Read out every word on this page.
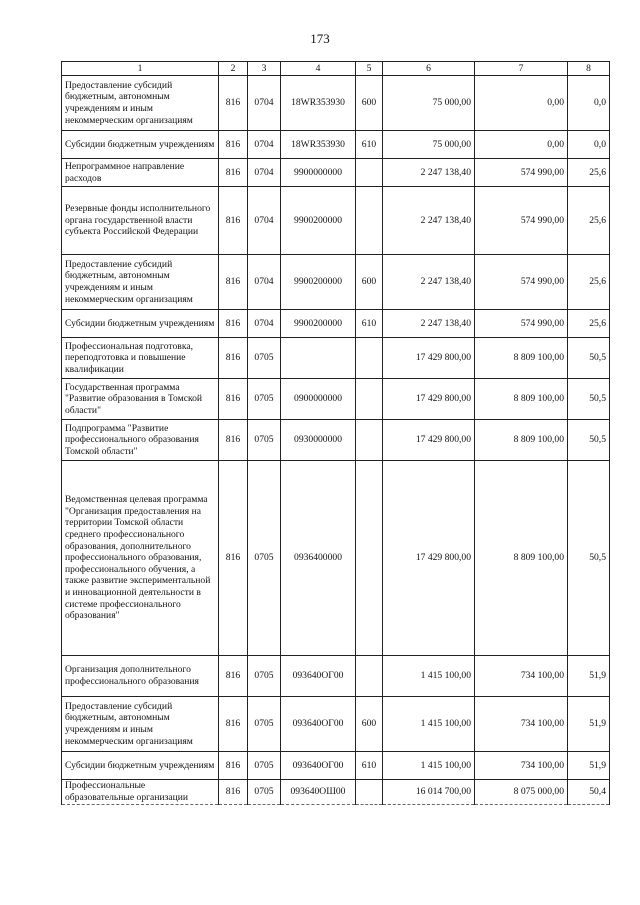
173
1	2	3	4	5	6	7	8
Предоставление субсидий бюджетным, автономным учреждениям и иным некоммерческим организациям	816	0704	18WR353930	600	75 000,00	0,00	0,0
Субсидии бюджетным учреждениям	816	0704	18WR353930	610	75 000,00	0,00	0,0
Непрограммное направление расходов	816	0704	9900000000		2 247 138,40	574 990,00	25,6
Резервные фонды исполнительного органа государственной власти субъекта Российской Федерации	816	0704	9900200000		2 247 138,40	574 990,00	25,6
Предоставление субсидий бюджетным, автономным учреждениям и иным некоммерческим организациям	816	0704	9900200000	600	2 247 138,40	574 990,00	25,6
Субсидии бюджетным учреждениям	816	0704	9900200000	610	2 247 138,40	574 990,00	25,6
Профессиональная подготовка, переподготовка и повышение квалификации	816	0705			17 429 800,00	8 809 100,00	50,5
Государственная программа "Развитие образования в Томской области"	816	0705	0900000000		17 429 800,00	8 809 100,00	50,5
Подпрограмма "Развитие профессионального образования Томской области"	816	0705	0930000000		17 429 800,00	8 809 100,00	50,5
Ведомственная целевая программа "Организация предоставления на территории Томской области среднего профессионального образования, дополнительного профессионального образования, профессионального обучения, а также развитие экспериментальной и инновационной деятельности в системе профессионального образования"	816	0705	0936400000		17 429 800,00	8 809 100,00	50,5
Организация дополнительного профессионального образования	816	0705	093640ОГ00		1 415 100,00	734 100,00	51,9
Предоставление субсидий бюджетным, автономным учреждениям и иным некоммерческим организациям	816	0705	093640ОГ00	600	1 415 100,00	734 100,00	51,9
Субсидии бюджетным учреждениям	816	0705	093640ОГ00	610	1 415 100,00	734 100,00	51,9
Профессиональные образовательные организации	816	0705	093640ОШ00		16 014 700,00	8 075 000,00	50,4
